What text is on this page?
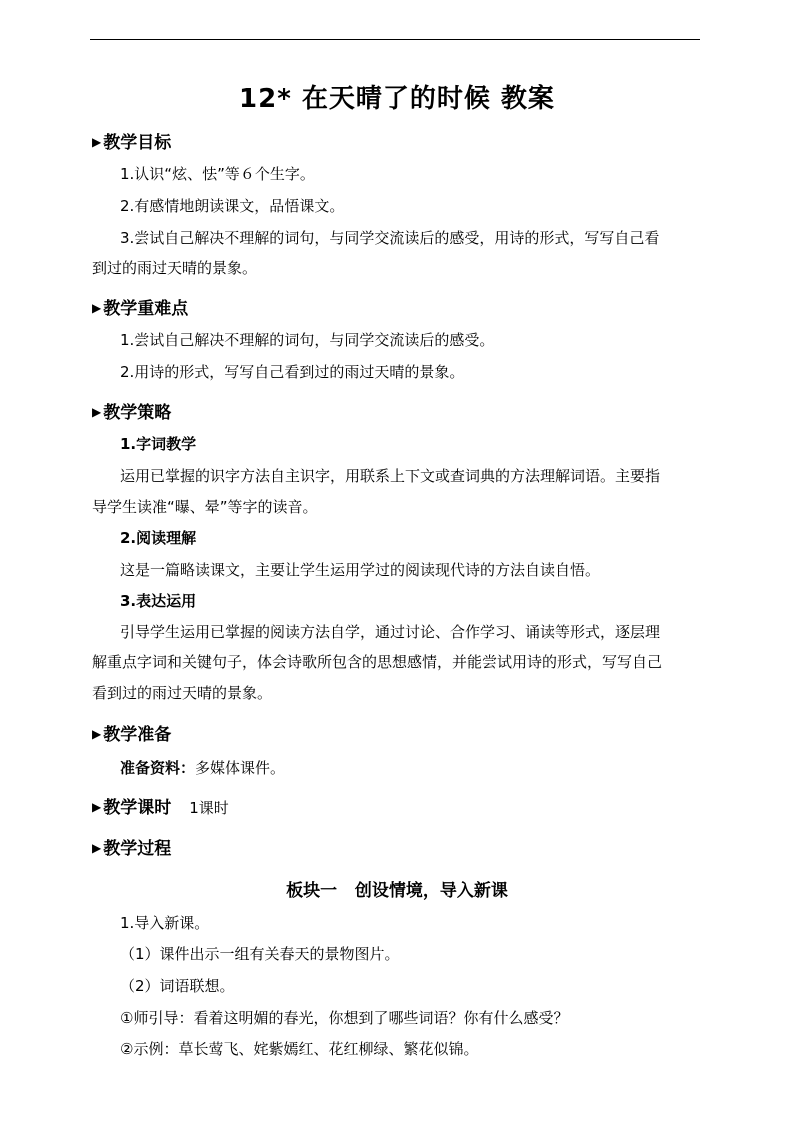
12* 在天晴了的时候 教案
▶ 教学目标
1.认识“炫、怯”等６个生字。
2.有感情地朗读课文，品悟课文。
3.尝试自己解决不理解的词句，与同学交流读后的感受，用诗的形式，写写自己看
到过的雨过天晴的景象。
▶ 教学重难点
1.尝试自己解决不理解的词句，与同学交流读后的感受。
2.用诗的形式，写写自己看到过的雨过天晴的景象。
▶ 教学策略
1.字词教学
运用已掌握的识字方法自主识字，用联系上下文或查词典的方法理解词语。主要指
导学生读准“曝、晕”等字的读音。
2.阅读理解
这是一篇略读课文，主要让学生运用学过的阅读现代诗的方法自读自悟。
3.表达运用
引导学生运用已掌握的阅读方法自学，通过讨论、合作学习、诵读等形式，逐层理
解重点字词和关键句子，体会诗歌所包含的思想感情，并能尝试用诗的形式，写写自己
看到过的雨过天晴的景象。
▶ 教学准备
准备资料：多媒体课件。
▶ 教学课时 1课时
▶ 教学过程
板块一   创设情境，导入新课
1.导入新课。
（1）课件出示一组有关春天的景物图片。
（2）词语联想。
①师引导：看着这明媚的春光，你想到了哪些词语？你有什么感受？
②示例：草长莺飞、姹紫嫣红、花红柳绿、繁花似锦。
